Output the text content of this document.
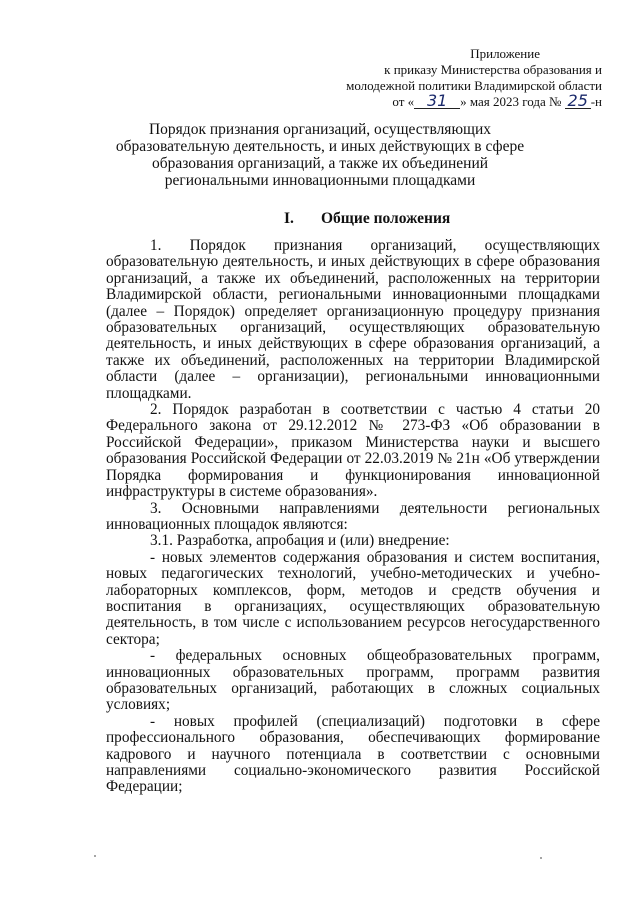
Приложение
к приказу Министерства образования и
молодежной политики Владимирской области
от « 31 » мая 2023 года № 25 -н
Порядок признания организаций, осуществляющих образовательную деятельность, и иных действующих в сфере образования организаций, а также их объединений региональными инновационными площадками
I. Общие положения

1. Порядок признания организаций, осуществляющих образовательную деятельность, и иных действующих в сфере образования организаций, а также их объединений, расположенных на территории Владимирской области, региональными инновационными площадками (далее – Порядок) определяет организационную процедуру признания образовательных организаций, осуществляющих образовательную деятельность, и иных действующих в сфере образования организаций, а также их объединений, расположенных на территории Владимирской области (далее – организации), региональными инновационными площадками.

2. Порядок разработан в соответствии с частью 4 статьи 20 Федерального закона от 29.12.2012 № 273-ФЗ «Об образовании в Российской Федерации», приказом Министерства науки и высшего образования Российской Федерации от 22.03.2019 № 21н «Об утверждении Порядка формирования и функционирования инновационной инфраструктуры в системе образования».

3. Основными направлениями деятельности региональных инновационных площадок являются:

3.1. Разработка, апробация и (или) внедрение:

- новых элементов содержания образования и систем воспитания, новых педагогических технологий, учебно-методических и учебно-лабораторных комплексов, форм, методов и средств обучения и воспитания в организациях, осуществляющих образовательную деятельность, в том числе с использованием ресурсов негосударственного сектора;

- федеральных основных общеобразовательных программ, инновационных образовательных программ, программ развития образовательных организаций, работающих в сложных социальных условиях;

- новых профилей (специализаций) подготовки в сфере профессионального образования, обеспечивающих формирование кадрового и научного потенциала в соответствии с основными направлениями социально-экономического развития Российской Федерации;
